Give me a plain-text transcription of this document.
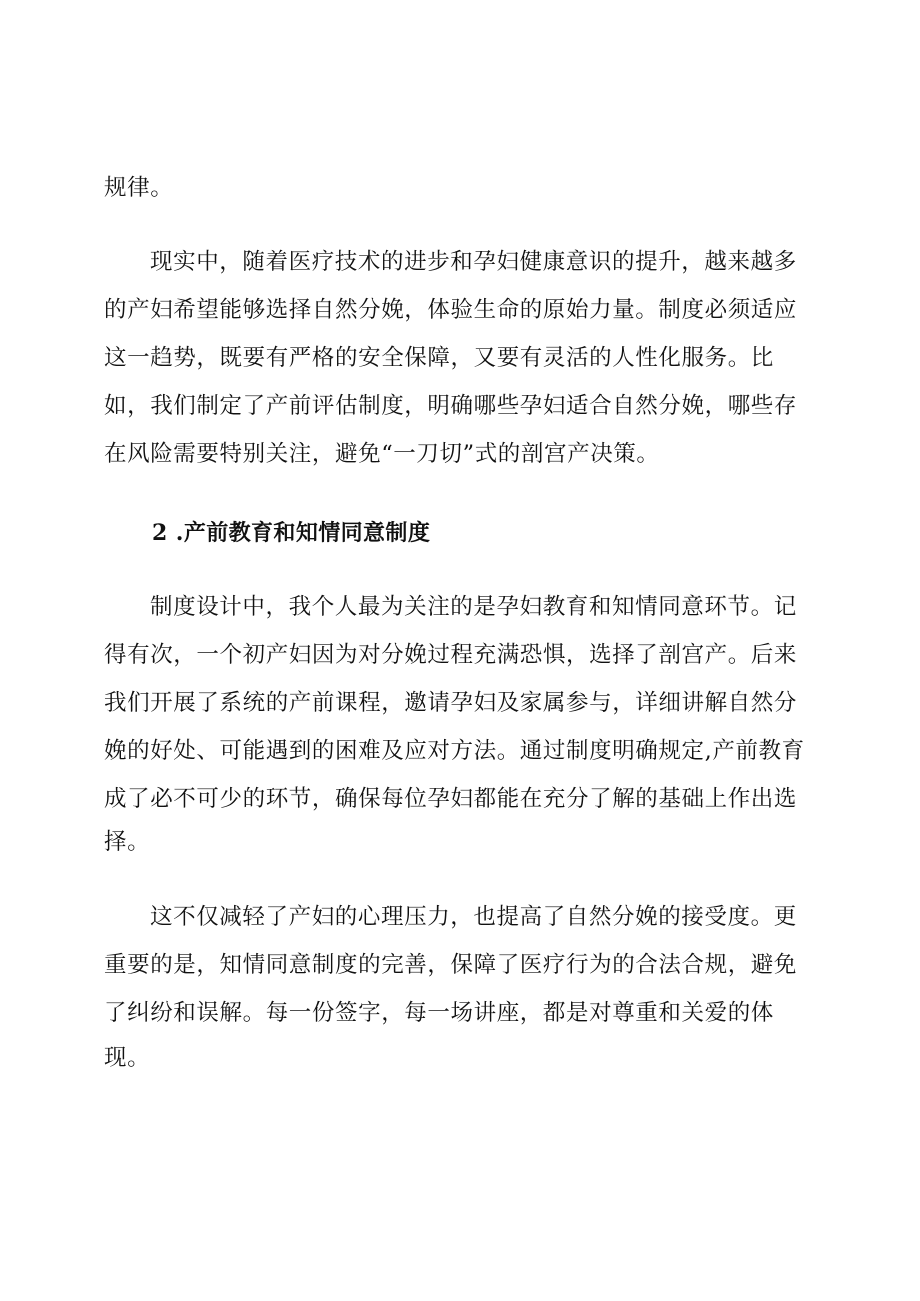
规律。

现实中，随着医疗技术的进步和孕妇健康意识的提升，越来越多

的产妇希望能够选择自然分娩，体验生命的原始力量。制度必须适应

这一趋势，既要有严格的安全保障，又要有灵活的人性化服务。比

如，我们制定了产前评估制度，明确哪些孕妇适合自然分娩，哪些存

在风险需要特别关注，避免“一刀切”式的剖宫产决策。

2 .产前教育和知情同意制度

制度设计中，我个人最为关注的是孕妇教育和知情同意环节。记

得有次，一个初产妇因为对分娩过程充满恐惧，选择了剖宫产。后来

我们开展了系统的产前课程，邀请孕妇及家属参与，详细讲解自然分

娩的好处、可能遇到的困难及应对方法。通过制度明确规定,产前教育

成了必不可少的环节，确保每位孕妇都能在充分了解的基础上作出选

择。

这不仅减轻了产妇的心理压力，也提高了自然分娩的接受度。更

重要的是，知情同意制度的完善，保障了医疗行为的合法合规，避免

了纠纷和误解。每一份签字，每一场讲座，都是对尊重和关爱的体

现。
